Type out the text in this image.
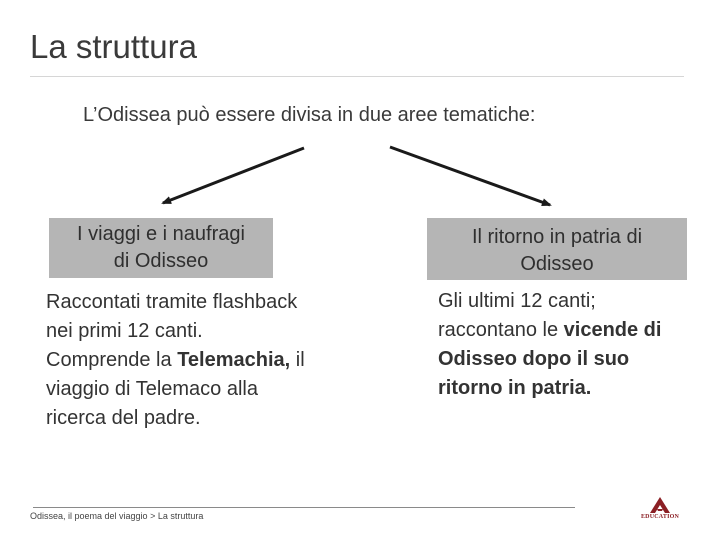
La struttura
L’Odissea può essere divisa in due aree tematiche:
I viaggi e i naufragi
di Odisseo
Il ritorno in patria di
Odisseo
Raccontati tramite flashback nei primi 12 canti. Comprende la Telemachia, il viaggio di Telemaco alla ricerca del padre.
Gli ultimi 12 canti; raccontano le vicende di Odisseo dopo il suo ritorno in patria.
Odissea, il poema del viaggio > La struttura	EDUCATION
